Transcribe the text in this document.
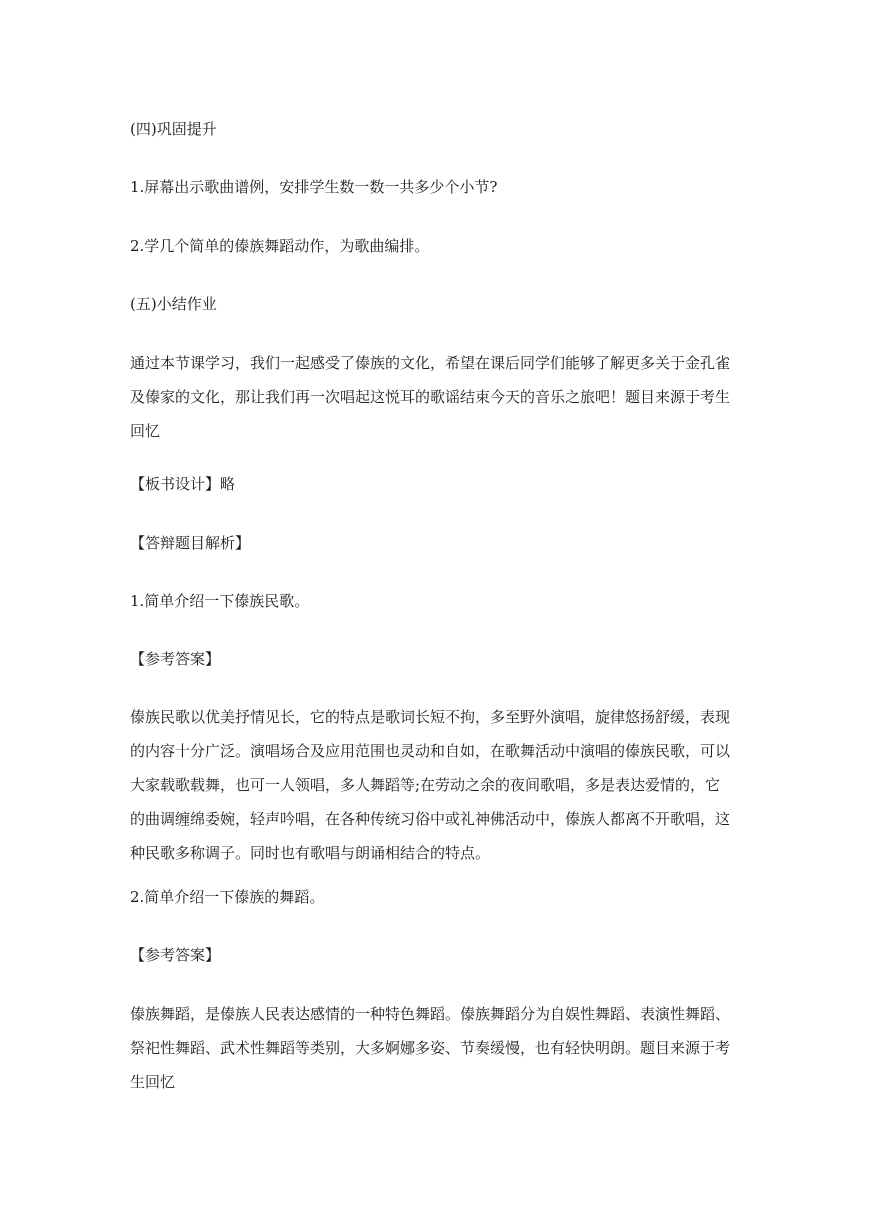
(四)巩固提升

1.屏幕出示歌曲谱例，安排学生数一数一共多少个小节?

2.学几个简单的傣族舞蹈动作，为歌曲编排。

(五)小结作业

通过本节课学习，我们一起感受了傣族的文化，希望在课后同学们能够了解更多关于金孔雀
及傣家的文化，那让我们再一次唱起这悦耳的歌谣结束今天的音乐之旅吧！题目来源于考生
回忆

【板书设计】略

【答辩题目解析】

1.简单介绍一下傣族民歌。

【参考答案】

傣族民歌以优美抒情见长，它的特点是歌词长短不拘，多至野外演唱，旋律悠扬舒缓，表现
的内容十分广泛。演唱场合及应用范围也灵动和自如，在歌舞活动中演唱的傣族民歌，可以
大家载歌载舞，也可一人领唱，多人舞蹈等;在劳动之余的夜间歌唱，多是表达爱情的，它
的曲调缠绵委婉，轻声吟唱，在各种传统习俗中或礼神佛活动中，傣族人都离不开歌唱，这
种民歌多称调子。同时也有歌唱与朗诵相结合的特点。

2.简单介绍一下傣族的舞蹈。

【参考答案】

傣族舞蹈，是傣族人民表达感情的一种特色舞蹈。傣族舞蹈分为自娱性舞蹈、表演性舞蹈、
祭祀性舞蹈、武术性舞蹈等类别，大多婀娜多姿、节奏缓慢，也有轻快明朗。题目来源于考
生回忆
